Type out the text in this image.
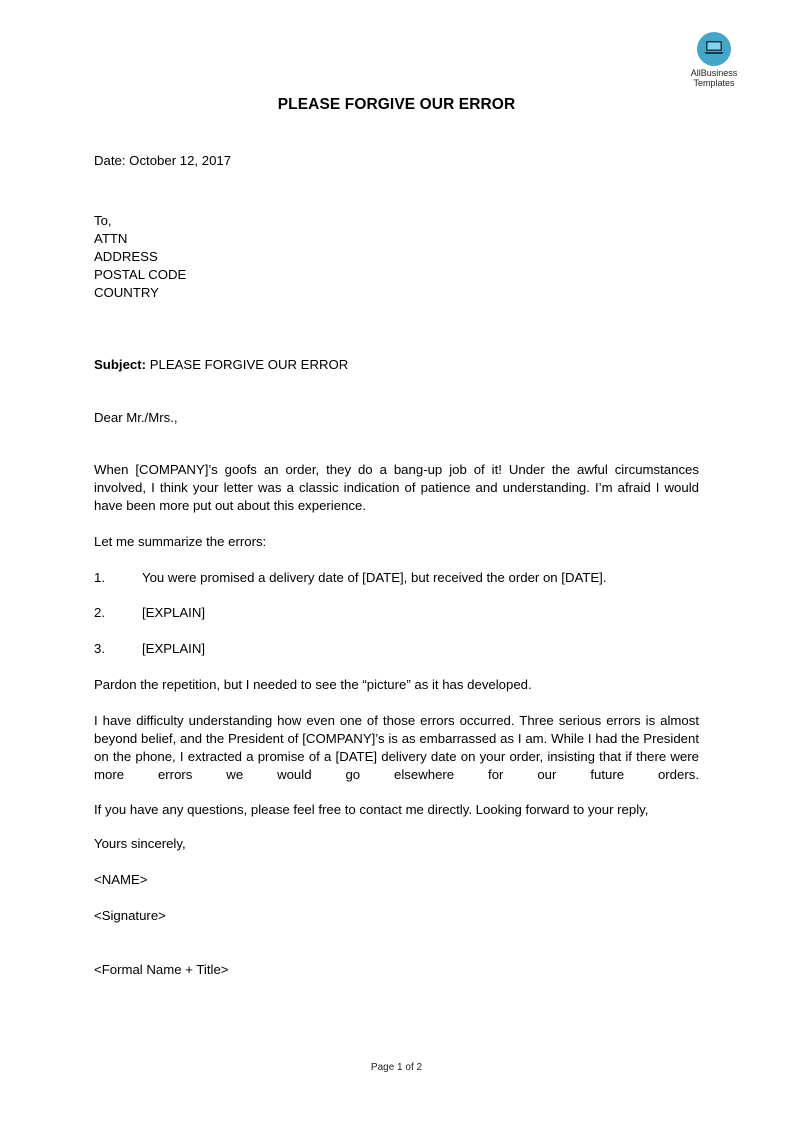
AllBusiness
Templates
PLEASE FORGIVE OUR ERROR
Date: October 12, 2017
To,
ATTN
ADDRESS
POSTAL CODE
COUNTRY
Subject: PLEASE FORGIVE OUR ERROR
Dear Mr./Mrs.,
When [COMPANY]’s goofs an order, they do a bang-up job of it! Under the awful circumstances involved, I think your letter was a classic indication of patience and understanding. I’m afraid I would have been more put out about this experience.
Let me summarize the errors:
1.	You were promised a delivery date of [DATE], but received the order on [DATE].
2.	[EXPLAIN]
3.	[EXPLAIN]
Pardon the repetition, but I needed to see the “picture” as it has developed.
I have difficulty understanding how even one of those errors occurred. Three serious errors is almost beyond belief, and the President of [COMPANY]’s is as embarrassed as I am. While I had the President on the phone, I extracted a promise of a [DATE] delivery date on your order, insisting that if there were more errors we would go elsewhere for our future orders.
If you have any questions, please feel free to contact me directly. Looking forward to your reply,
Yours sincerely,
<NAME>
<Signature>
<Formal Name + Title>
Page 1 of 2
